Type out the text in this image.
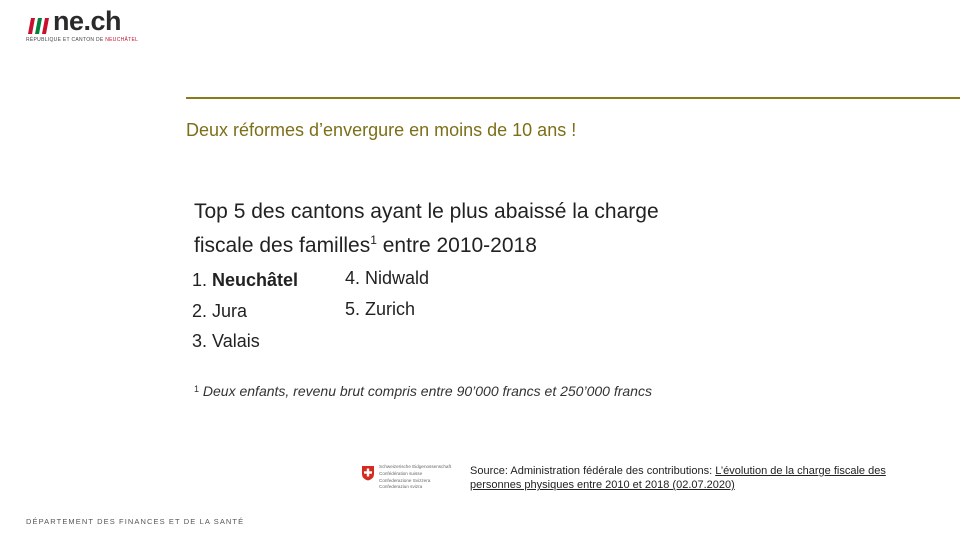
ne.ch
RÉPUBLIQUE ET CANTON DE NEUCHÂTEL
Deux réformes d’envergure en moins de 10 ans !
Top 5 des cantons ayant le plus abaissé la charge
fiscale des familles$^1$ entre 2010-2018
1. Neuchâtel
2. Jura
3. Valais
4. Nidwald
5. Zurich
$^1$ Deux enfants, revenu brut compris entre 90’000 francs et 250’000 francs
Schweizerische Eidgenossenschaft
Confédération suisse
Confederazione Svizzera
Confederaziun svizra
Source: Administration fédérale des contributions: L’évolution de la charge fiscale des personnes physiques entre 2010 et 2018 (02.07.2020)
DÉPARTEMENT DES FINANCES ET DE LA SANTÉ
